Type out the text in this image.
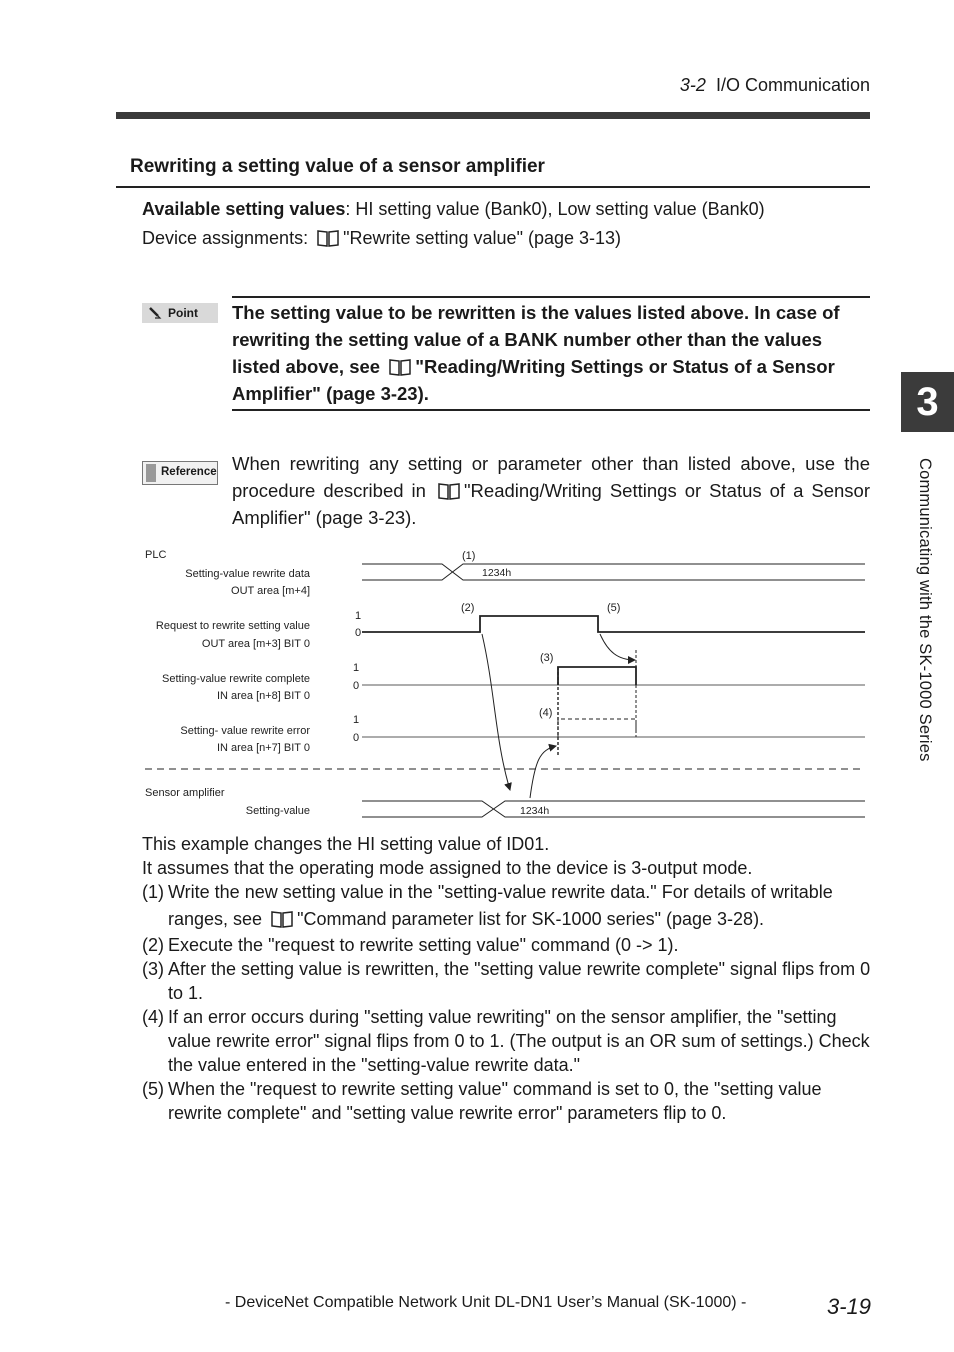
3-2 I/O Communication
Rewriting a setting value of a sensor amplifier
Available setting values: HI setting value (Bank0), Low setting value (Bank0)
Device assignments: "Rewrite setting value" (page 3-13)
Point The setting value to be rewritten is the values listed above. In case of rewriting the setting value of a BANK number other than the values listed above, see "Reading/Writing Settings or Status of a Sensor Amplifier" (page 3-23).
Reference When rewriting any setting or parameter other than listed above, use the procedure described in "Reading/Writing Settings or Status of a Sensor Amplifier" (page 3-23).
PLC
Setting-value rewrite data
OUT area [m+4]
Request to rewrite setting value
OUT area [m+3] BIT 0
Setting-value rewrite complete
IN area [n+8] BIT 0
Setting- value rewrite error
IN area [n+7] BIT 0
1
0
1
0
1
0
1234h
(1)
(2)	(5)
(3)
(4)
Sensor amplifier
Setting-value	1234h
This example changes the HI setting value of ID01.
It assumes that the operating mode assigned to the device is 3-output mode.
(1) Write the new setting value in the "setting-value rewrite data." For details of writable ranges, see "Command parameter list for SK-1000 series" (page 3-28).
(2) Execute the "request to rewrite setting value" command (0 -> 1).
(3) After the setting value is rewritten, the "setting value rewrite complete" signal flips from 0 to 1.
(4) If an error occurs during "setting value rewriting" on the sensor amplifier, the "setting value rewrite error" signal flips from 0 to 1. (The output is an OR sum of settings.) Check the value entered in the "setting-value rewrite data."
(5) When the "request to rewrite setting value" command is set to 0, the "setting value rewrite complete" and "setting value rewrite error" parameters flip to 0.
3
Communicating with the SK-1000 Series
- DeviceNet Compatible Network Unit DL-DN1 User’s Manual (SK-1000) -	3-19
